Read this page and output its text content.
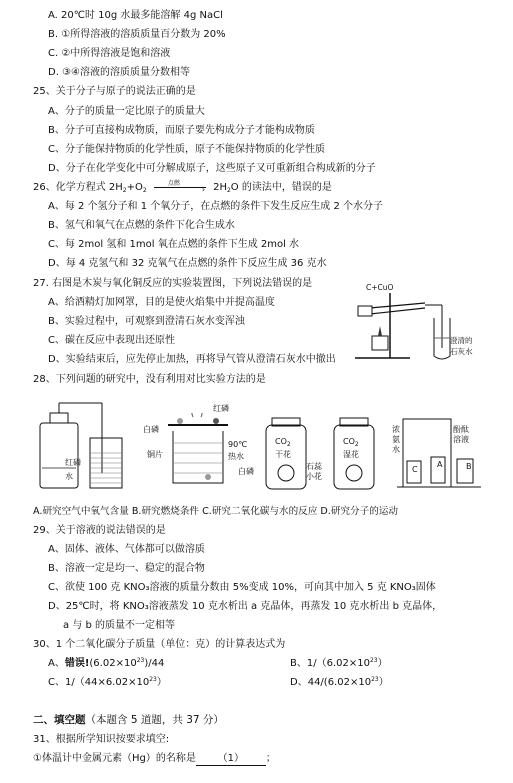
A. 20℃时 10g 水最多能溶解 4g NaCl
B. ①所得溶液的溶质质量百分数为 20%
C. ②中所得溶液是饱和溶液
D. ③④溶液的溶质质量分数相等
25、关于分子与原子的说法正确的是
A、分子的质量一定比原子的质量大
B、分子可直接构成物质，而原子要先构成分子才能构成物质
C、分子能保持物质的化学性质，原子不能保持物质的化学性质
D、分子在化学变化中可分解成原子，这些原子又可重新组合构成新的分子
26、化学方程式 $2H_2+O_2$
点燃
› $2H_2O$ 的读法中，错误的是
A、每 2 个氢分子和 1 个氧分子，在点燃的条件下发生反应生成 2 个水分子
B、氢气和氧气在点燃的条件下化合生成水
C、每 2mol 氢和 1mol 氧在点燃的条件下生成 2mol 水
D、每 4 克氢气和 32 克氧气在点燃的条件下反应生成 36 克水
27. 右图是木炭与氧化铜反应的实验装置图，下列说法错误的是
A、给酒精灯加网罩，目的是使火焰集中并提高温度
B、实验过程中，可观察到澄清石灰水变浑浊
C、碳在反应中表现出还原性
D、实验结束后，应先停止加热，再将导气管从澄清石灰水中撤出
C+CuO
澄清的
石灰水
28、下列问题的研究中，没有利用对比实验方法的是
红磷
水
红磷
白磷
铜片
90℃
热水
白磷
$CO_2$	$CO_2$
干花	湿花
石蕊
小花
浓
氨
水
酚酞
溶液
C
A	B
A.研究空气中氧气含量 B.研究燃烧条件 C.研究二氧化碳与水的反应 D.研究分子的运动
29、关于溶液的说法错误的是
A、固体、液体、气体都可以做溶质
B、溶液一定是均一、稳定的混合物
C、欲使 100 克 KNO₃溶液的质量分数由 5%变成 10%，可向其中加入 5 克 KNO₃固体
D、25℃时，将 KNO₃溶液蒸发 10 克水析出 a 克晶体，再蒸发 10 克水析出 b 克晶体，
a 与 b 的质量不一定相等
30、1 个二氧化碳分子质量（单位：克）的计算表达式为
A、错误$!(6.02\times 10^{23})/44$	B、$1/(6.02\times 10^{23})$
C、$1/(44\times 6.02\times 10^{23})$	D、$44/(6.02\times 10^{23})$
二、填空题（本题含 5 道题，共 37 分）
31、根据所学知识按要求填空:
①体温计中金属元素（Hg）的名称是 （1） ；
